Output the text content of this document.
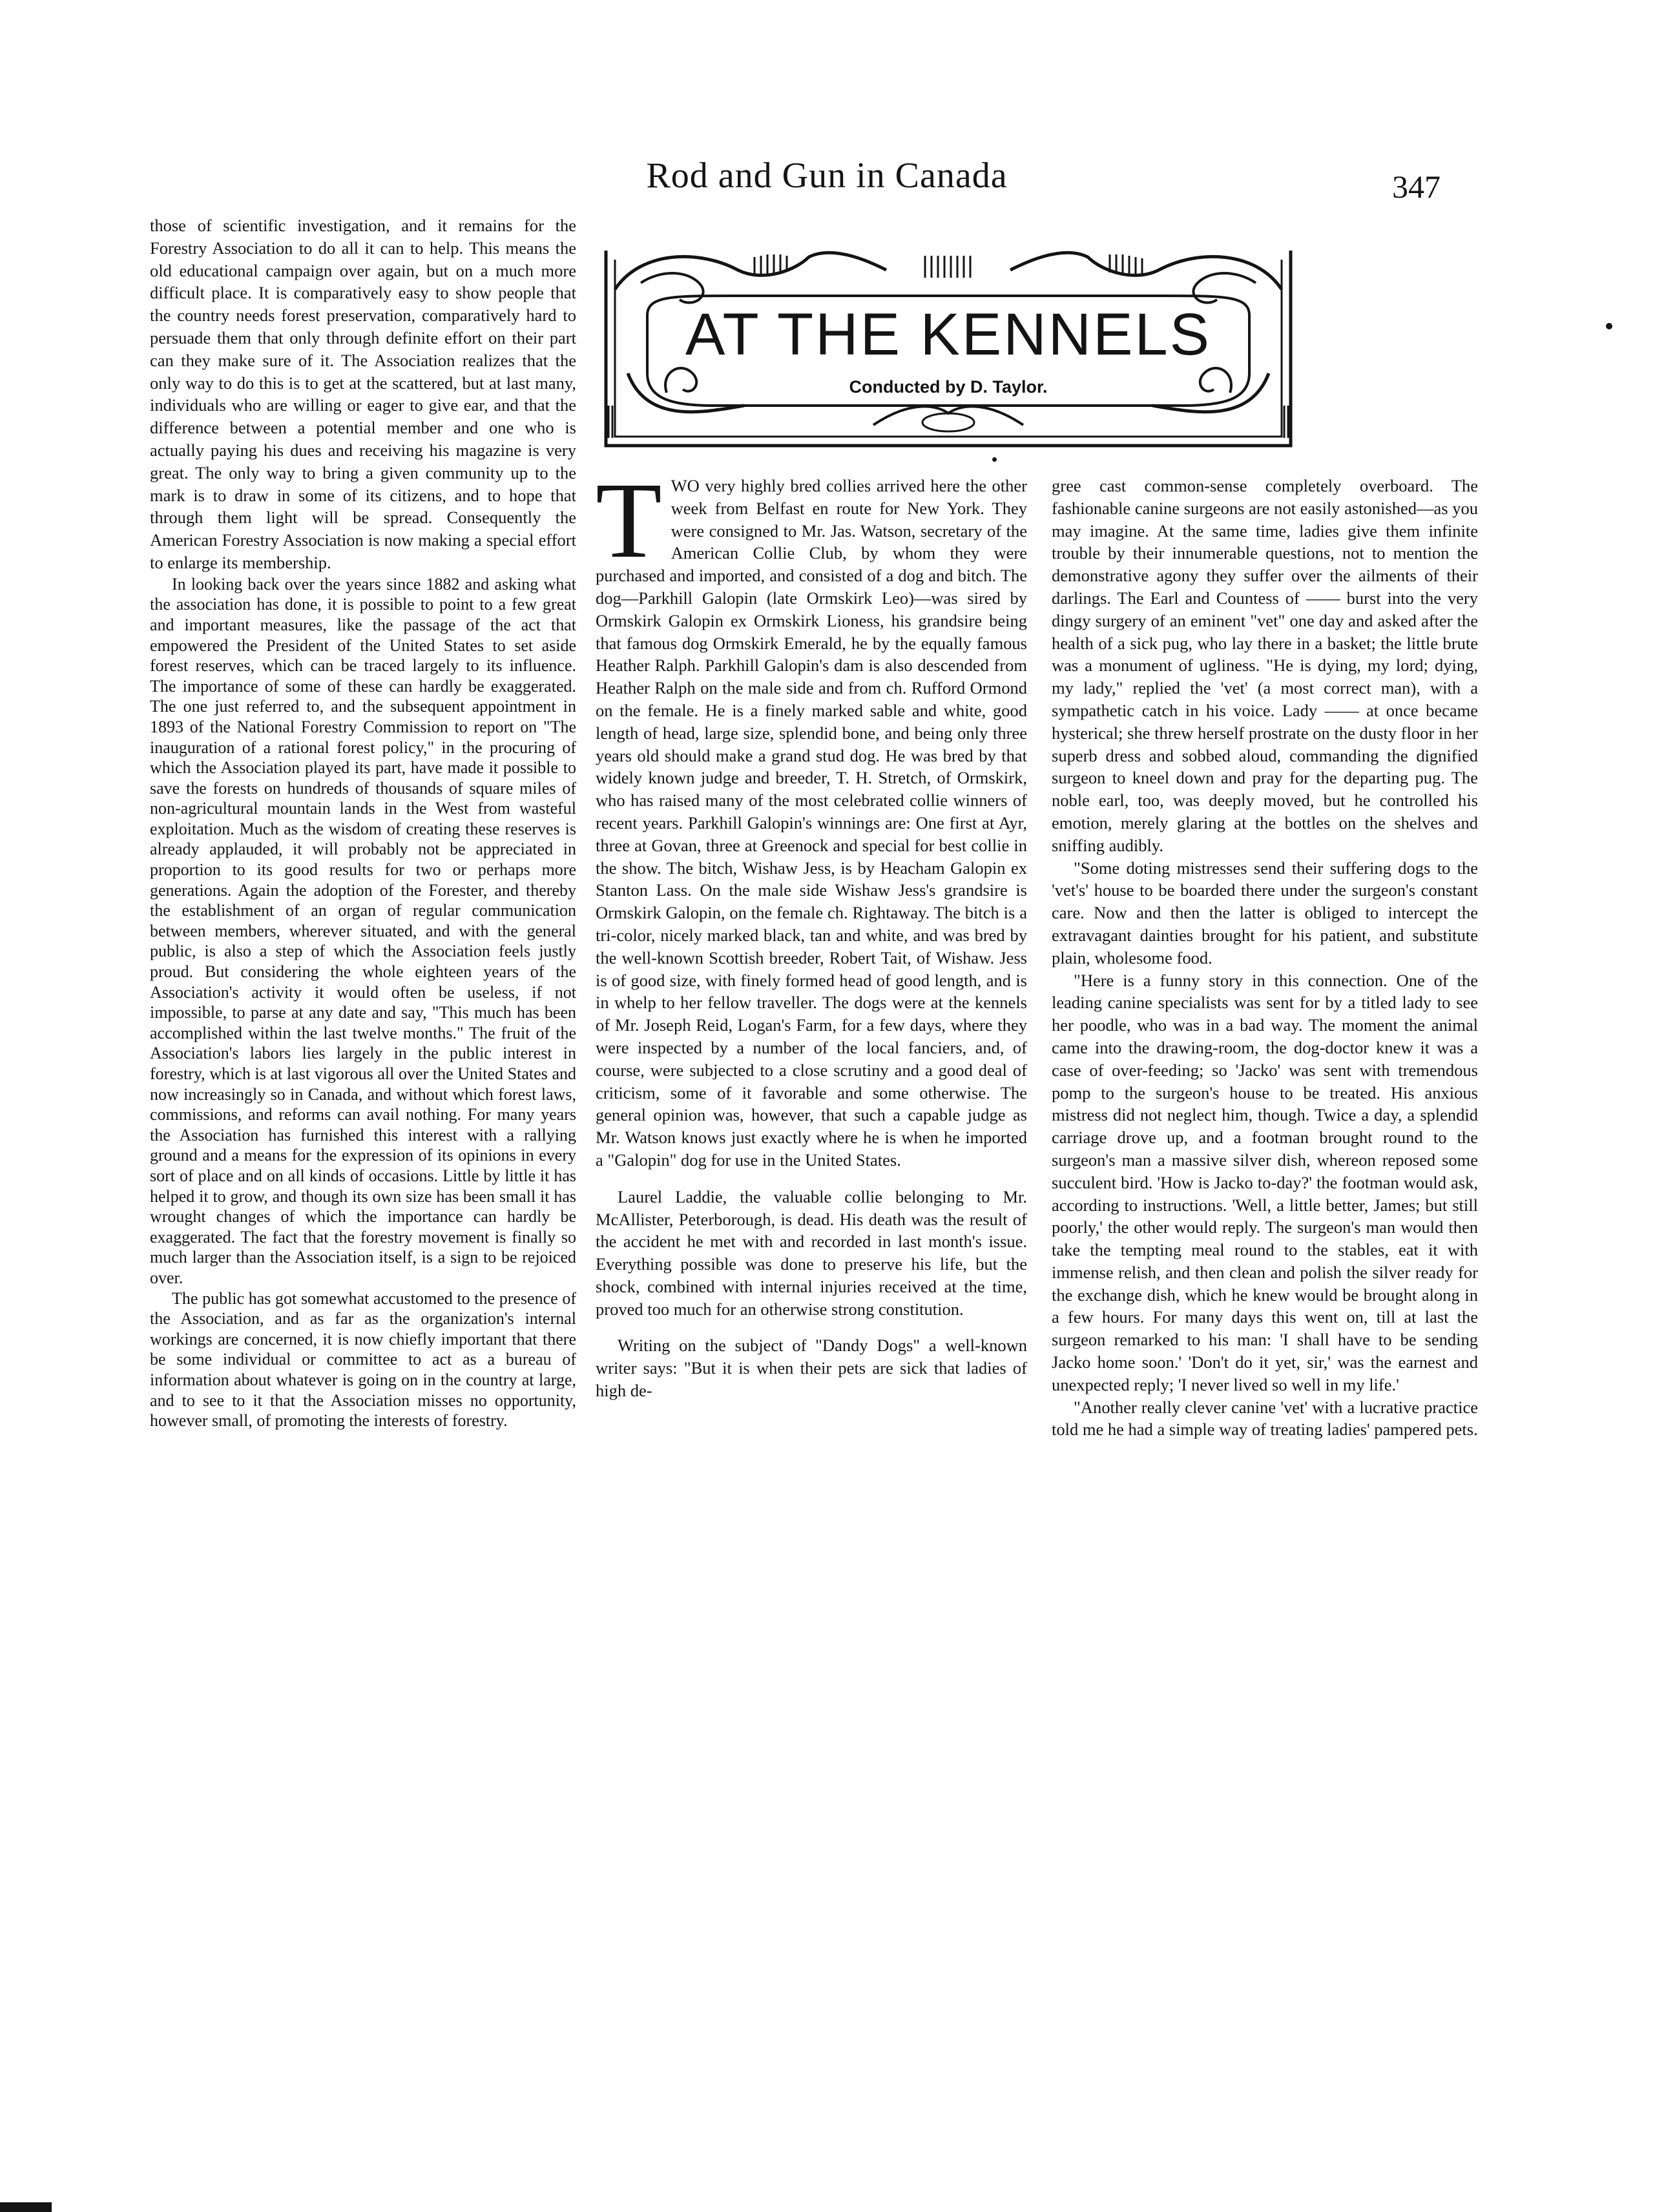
Rod and Gun in Canada	347

those of scientific investigation, and it remains for the Forestry Association to do all it can to help. This means the old educational campaign over again, but on a much more difficult place. It is comparatively easy to show people that the country needs forest preservation, comparatively hard to persuade them that only through definite effort on their part can they make sure of it. The Association realizes that the only way to do this is to get at the scattered, but at last many, individuals who are willing or eager to give ear, and that the difference between a potential member and one who is actually paying his dues and receiving his magazine is very great. The only way to bring a given community up to the mark is to draw in some of its citizens, and to hope that through them light will be spread. Consequently the American Forestry Association is now making a special effort to enlarge its membership.

In looking back over the years since 1882 and asking what the association has done, it is possible to point to a few great and important measures, like the passage of the act that empowered the President of the United States to set aside forest reserves, which can be traced largely to its influence. The importance of some of these can hardly be exaggerated. The one just referred to, and the subsequent appointment in 1893 of the National Forestry Commission to report on "The inauguration of a rational forest policy," in the procuring of which the Association played its part, have made it possible to save the forests on hundreds of thousands of square miles of non-agricultural mountain lands in the West from wasteful exploitation. Much as the wisdom of creating these reserves is already applauded, it will probably not be appreciated in proportion to its good results for two or perhaps more generations. Again the adoption of the Forester, and thereby the establishment of an organ of regular communication between members, wherever situated, and with the general public, is also a step of which the Association feels justly proud. But considering the whole eighteen years of the Association's activity it would often be useless, if not impossible, to parse at any date and say, "This much has been accomplished within the last twelve months." The fruit of the Association's labors lies largely in the public interest in forestry, which is at last vigorous all over the United States and now increasingly so in Canada, and without which forest laws, commissions, and reforms can avail nothing. For many years the Association has furnished this interest with a rallying ground and a means for the expression of its opinions in every sort of place and on all kinds of occasions. Little by little it has helped it to grow, and though its own size has been small it has wrought changes of which the importance can hardly be exaggerated. The fact that the forestry movement is finally so much larger than the Association itself, is a sign to be rejoiced over.

The public has got somewhat accustomed to the presence of the Association, and as far as the organization's internal workings are concerned, it is now chiefly important that there be some individual or committee to act as a bureau of information about whatever is going on in the country at large, and to see to it that the Association misses no opportunity, however small, of promoting the interests of forestry.

AT THE KENNELS
Conducted by D. Taylor.

TWO very highly bred collies arrived here the other week from Belfast en route for New York. They were consigned to Mr. Jas. Watson, secretary of the American Collie Club, by whom they were purchased and imported, and consisted of a dog and bitch. The dog—Parkhill Galopin (late Ormskirk Leo)—was sired by Ormskirk Galopin ex Ormskirk Lioness, his grandsire being that famous dog Ormskirk Emerald, he by the equally famous Heather Ralph. Parkhill Galopin's dam is also descended from Heather Ralph on the male side and from ch. Rufford Ormond on the female. He is a finely marked sable and white, good length of head, large size, splendid bone, and being only three years old should make a grand stud dog. He was bred by that widely known judge and breeder, T. H. Stretch, of Ormskirk, who has raised many of the most celebrated collie winners of recent years. Parkhill Galopin's winnings are: One first at Ayr, three at Govan, three at Greenock and special for best collie in the show. The bitch, Wishaw Jess, is by Heacham Galopin ex Stanton Lass. On the male side Wishaw Jess's grandsire is Ormskirk Galopin, on the female ch. Rightaway. The bitch is a tri-color, nicely marked black, tan and white, and was bred by the well-known Scottish breeder, Robert Tait, of Wishaw. Jess is of good size, with finely formed head of good length, and is in whelp to her fellow traveller. The dogs were at the kennels of Mr. Joseph Reid, Logan's Farm, for a few days, where they were inspected by a number of the local fanciers, and, of course, were subjected to a close scrutiny and a good deal of criticism, some of it favorable and some otherwise. The general opinion was, however, that such a capable judge as Mr. Watson knows just exactly where he is when he imported a "Galopin" dog for use in the United States.

Laurel Laddie, the valuable collie belonging to Mr. McAllister, Peterborough, is dead. His death was the result of the accident he met with and recorded in last month's issue. Everything possible was done to preserve his life, but the shock, combined with internal injuries received at the time, proved too much for an otherwise strong constitution.

Writing on the subject of "Dandy Dogs" a well-known writer says: "But it is when their pets are sick that ladies of high de-

gree cast common-sense completely overboard. The fashionable canine surgeons are not easily astonished—as you may imagine. At the same time, ladies give them infinite trouble by their innumerable questions, not to mention the demonstrative agony they suffer over the ailments of their darlings. The Earl and Countess of —— burst into the very dingy surgery of an eminent "vet" one day and asked after the health of a sick pug, who lay there in a basket; the little brute was a monument of ugliness. "He is dying, my lord; dying, my lady," replied the 'vet' (a most correct man), with a sympathetic catch in his voice. Lady —— at once became hysterical; she threw herself prostrate on the dusty floor in her superb dress and sobbed aloud, commanding the dignified surgeon to kneel down and pray for the departing pug. The noble earl, too, was deeply moved, but he controlled his emotion, merely glaring at the bottles on the shelves and sniffing audibly.

"Some doting mistresses send their suffering dogs to the 'vet's' house to be boarded there under the surgeon's constant care. Now and then the latter is obliged to intercept the extravagant dainties brought for his patient, and substitute plain, wholesome food.

"Here is a funny story in this connection. One of the leading canine specialists was sent for by a titled lady to see her poodle, who was in a bad way. The moment the animal came into the drawing-room, the dog-doctor knew it was a case of over-feeding; so 'Jacko' was sent with tremendous pomp to the surgeon's house to be treated. His anxious mistress did not neglect him, though. Twice a day, a splendid carriage drove up, and a footman brought round to the surgeon's man a massive silver dish, whereon reposed some succulent bird. 'How is Jacko to-day?' the footman would ask, according to instructions. 'Well, a little better, James; but still poorly,' the other would reply. The surgeon's man would then take the tempting meal round to the stables, eat it with immense relish, and then clean and polish the silver ready for the exchange dish, which he knew would be brought along in a few hours. For many days this went on, till at last the surgeon remarked to his man: 'I shall have to be sending Jacko home soon.' 'Don't do it yet, sir,' was the earnest and unexpected reply; 'I never lived so well in my life.'

"Another really clever canine 'vet' with a lucrative practice told me he had a simple way of treating ladies' pampered pets.
